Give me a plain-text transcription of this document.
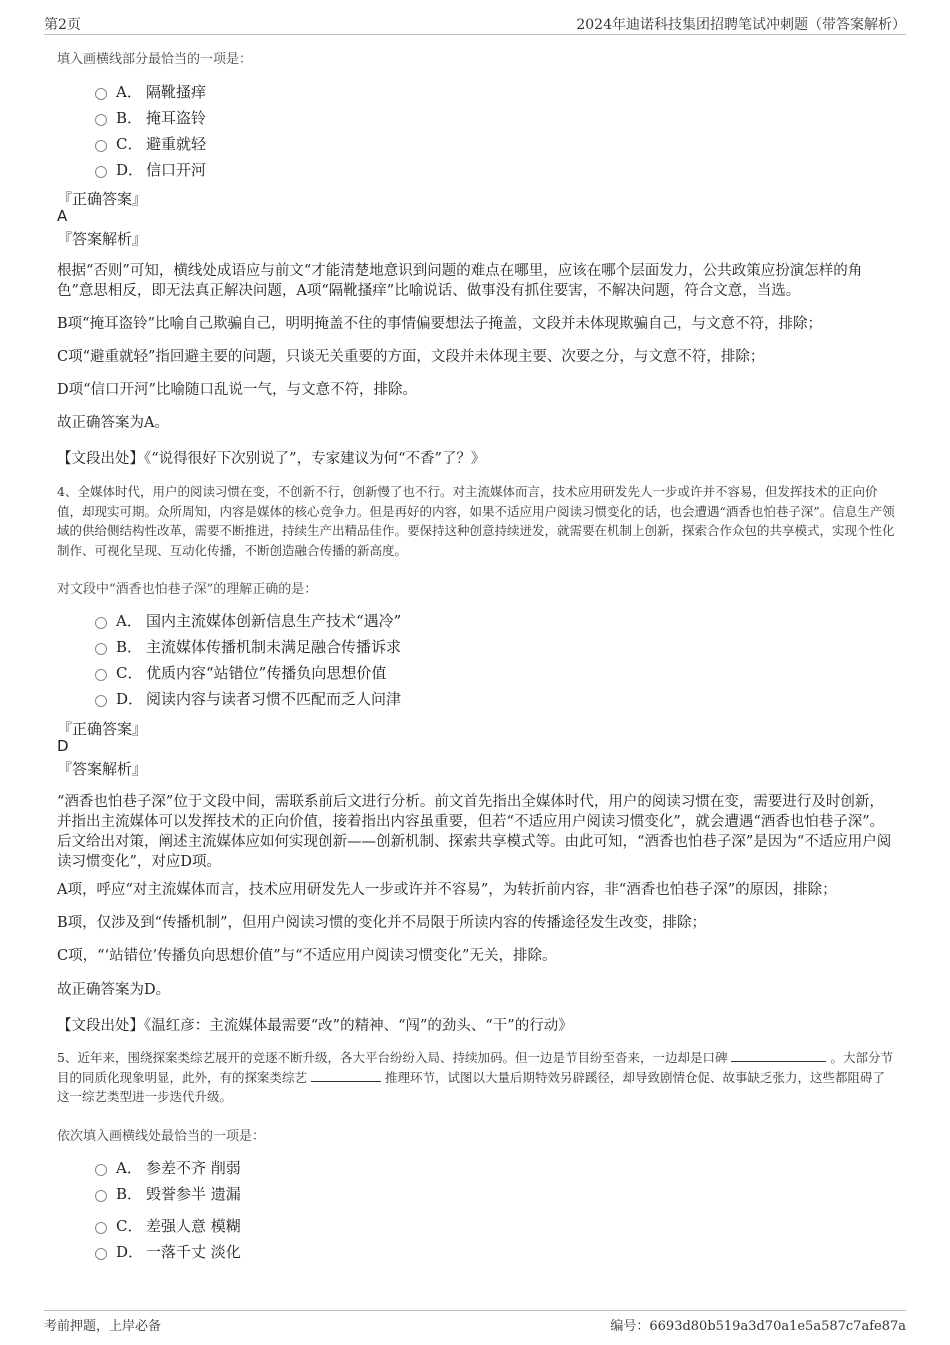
第2页	2024年迪诺科技集团招聘笔试冲刺题（带答案解析）
填入画横线部分最恰当的一项是：
A． 隔靴搔痒
B． 掩耳盗铃
C． 避重就轻
D． 信口开河
『正确答案』
A
『答案解析』
根据“否则”可知，横线处成语应与前文“才能清楚地意识到问题的难点在哪里，应该在哪个层面发力，公共政策应扮演怎样的角色”意思相反，即无法真正解决问题，A项“隔靴搔痒”比喻说话、做事没有抓住要害，不解决问题，符合文意，当选。
B项“掩耳盗铃”比喻自己欺骗自己，明明掩盖不住的事情偏要想法子掩盖，文段并未体现欺骗自己，与文意不符，排除；
C项“避重就轻”指回避主要的问题，只谈无关重要的方面，文段并未体现主要、次要之分，与文意不符，排除；
D项“信口开河”比喻随口乱说一气，与文意不符，排除。
故正确答案为A。
【文段出处】《“说得很好下次别说了”，专家建议为何“不香”了？》
4、全媒体时代，用户的阅读习惯在变，不创新不行，创新慢了也不行。对主流媒体而言，技术应用研发先人一步或许并不容易，但发挥技术的正向价值，却现实可期。众所周知，内容是媒体的核心竞争力。但是再好的内容，如果不适应用户阅读习惯变化的话，也会遭遇“酒香也怕巷子深”。信息生产领域的供给侧结构性改革，需要不断推进，持续生产出精品佳作。要保持这种创意持续迸发，就需要在机制上创新，探索合作众包的共享模式，实现个性化制作、可视化呈现、互动化传播，不断创造融合传播的新高度。
对文段中“酒香也怕巷子深”的理解正确的是：
A． 国内主流媒体创新信息生产技术“遇冷”
B． 主流媒体传播机制未满足融合传播诉求
C． 优质内容“站错位”传播负向思想价值
D． 阅读内容与读者习惯不匹配而乏人问津
『正确答案』
D
『答案解析』
“酒香也怕巷子深”位于文段中间，需联系前后文进行分析。前文首先指出全媒体时代，用户的阅读习惯在变，需要进行及时创新，并指出主流媒体可以发挥技术的正向价值，接着指出内容虽重要，但若“不适应用户阅读习惯变化”，就会遭遇“酒香也怕巷子深”。后文给出对策，阐述主流媒体应如何实现创新——创新机制、探索共享模式等。由此可知，“酒香也怕巷子深”是因为“不适应用户阅读习惯变化”，对应D项。
A项，呼应“对主流媒体而言，技术应用研发先人一步或许并不容易”，为转折前内容，非“酒香也怕巷子深”的原因，排除；
B项，仅涉及到“传播机制”，但用户阅读习惯的变化并不局限于所读内容的传播途径发生改变，排除；
C项，“‘站错位’传播负向思想价值”与“不适应用户阅读习惯变化”无关，排除。
故正确答案为D。
【文段出处】《温红彦：主流媒体最需要“改”的精神、“闯”的劲头、“干”的行动》
5、近年来，围绕探案类综艺展开的竞逐不断升级，各大平台纷纷入局、持续加码。但一边是节目纷至沓来，一边却是口碑	。大部分节目的同质化现象明显，此外，有的探案类综艺	推理环节，试图以大量后期特效另辟蹊径，却导致剧情仓促、故事缺乏张力，这些都阻碍了这一综艺类型进一步迭代升级。
依次填入画横线处最恰当的一项是：
A． 参差不齐 削弱
B． 毁誉参半 遗漏
C． 差强人意 模糊
D． 一落千丈 淡化
考前押题，上岸必备	编号：6693d80b519a3d70a1e5a587c7afe87a
